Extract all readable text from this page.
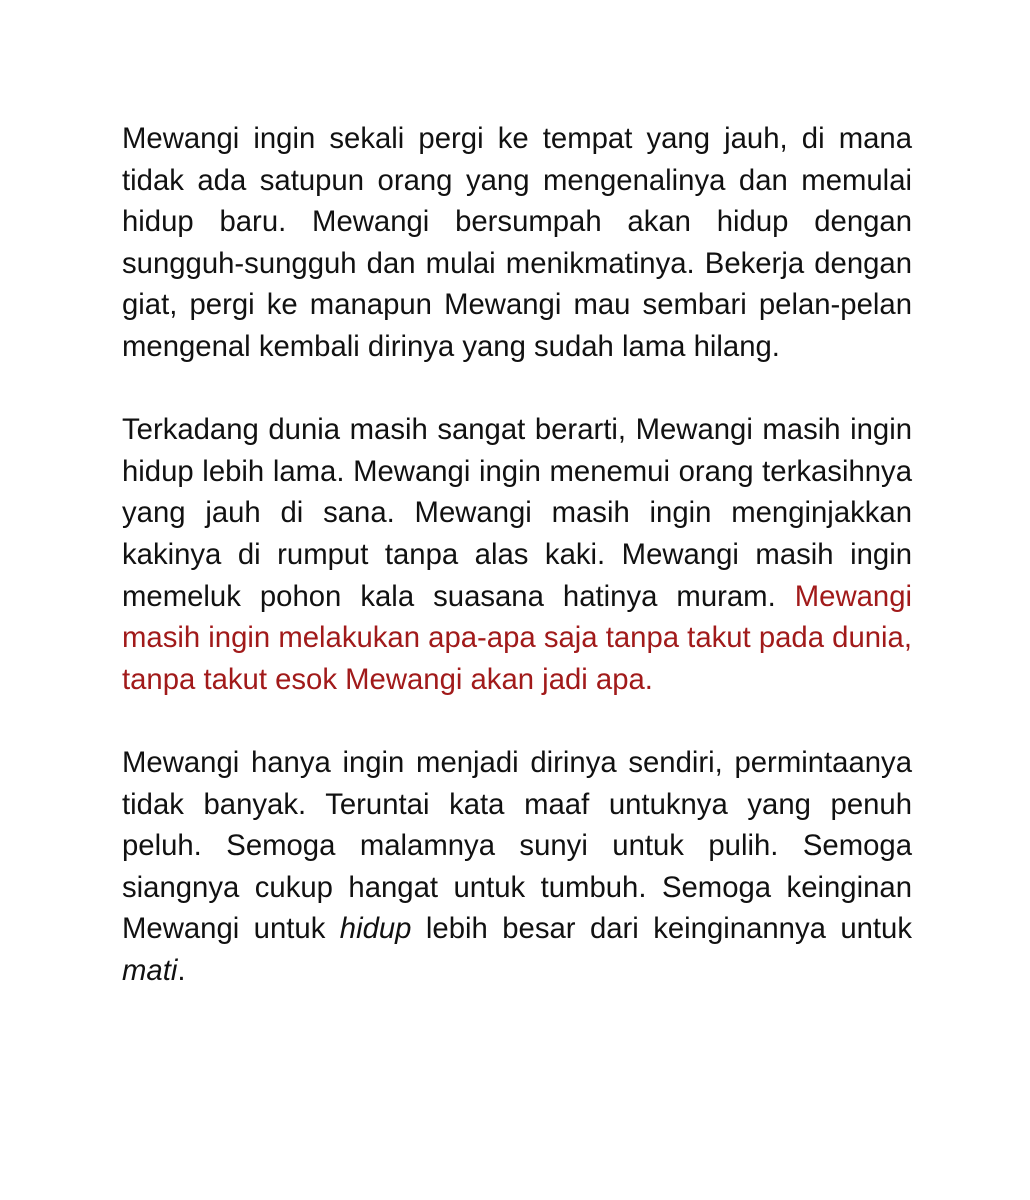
Mewangi ingin sekali pergi ke tempat yang jauh, di mana tidak ada satupun orang yang mengenalinya dan memulai hidup baru. Mewangi bersumpah akan hidup dengan sungguh-sungguh dan mulai menikmatinya. Bekerja dengan giat, pergi ke manapun Mewangi mau sembari pelan-pelan mengenal kembali dirinya yang sudah lama hilang.

Terkadang dunia masih sangat berarti, Mewangi masih ingin hidup lebih lama. Mewangi ingin menemui orang terkasihnya yang jauh di sana. Mewangi masih ingin menginjakkan kakinya di rumput tanpa alas kaki. Mewangi masih ingin memeluk pohon kala suasana hatinya muram. Mewangi masih ingin melakukan apa-apa saja tanpa takut pada dunia, tanpa takut esok Mewangi akan jadi apa.

Mewangi hanya ingin menjadi dirinya sendiri, permintaanya tidak banyak. Teruntai kata maaf untuknya yang penuh peluh. Semoga malamnya sunyi untuk pulih. Semoga siangnya cukup hangat untuk tumbuh. Semoga keinginan Mewangi untuk hidup lebih besar dari keinginannya untuk mati.
